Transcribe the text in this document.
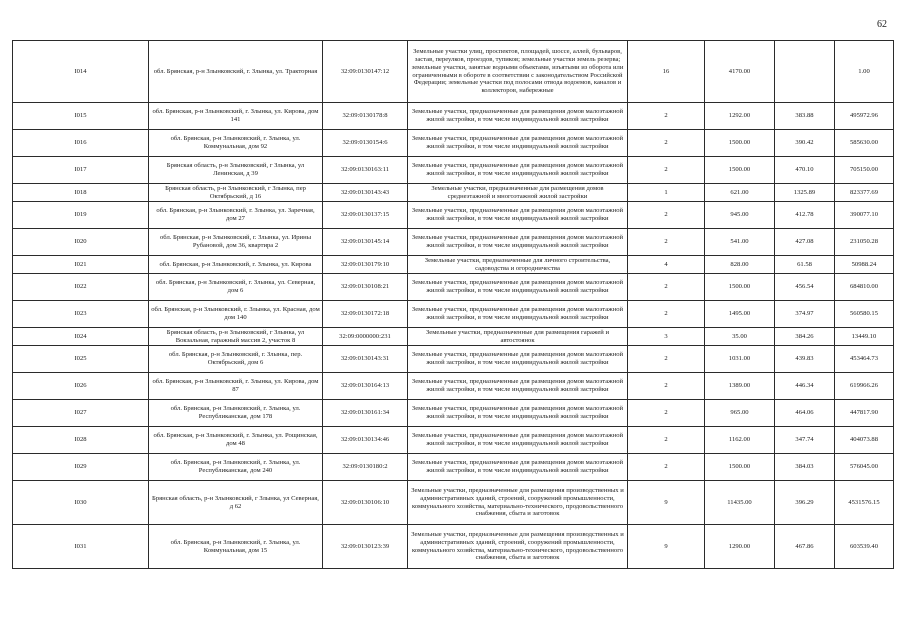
62
I014	обл. Брянская, р-н Злынковский, г. Злынка, ул. Тракторная	32:09:0130147:12	Земельные участки улиц, проспектов, площадей, шоссе, аллей, бульваров, застав, переулков, проездов, тупиков; земельные участки земель резерва; земельные участки, занятые водными объектами, изъятыми из оборота или ограниченными в обороте в соответствии с законодательством Российской Федерации; земельные участки под полосами отвода водоемов, каналов и коллекторов, набережные	16	4170.00		1.00
I015	обл. Брянская, р-н Злынковский, г. Злынка, ул. Кирова, дом 141	32:09:0130178:8	Земельные участки, предназначенные для размещения домов малоэтажной жилой застройки, в том числе индивидуальной жилой застройки	2	1292.00	383.88	495972.96
I016	обл. Брянская, р-н Злынковский, г. Злынка, ул. Коммунальная, дом 92	32:09:0130154:6	Земельные участки, предназначенные для размещения домов малоэтажной жилой застройки, в том числе индивидуальной жилой застройки	2	1500.00	390.42	585630.00
I017	Брянская область, р-н Злынковский, г Злынка, ул Ленинская, д 39	32:09:0130163:11	Земельные участки, предназначенные для размещения домов малоэтажной жилой застройки, в том числе индивидуальной жилой застройки	2	1500.00	470.10	705150.00
I018	Брянская область, р-н Злынковский, г Злынка, пер Октябрьский, д 16	32:09:0130143:43	Земельные участки, предназначенные для размещения домов среднеэтажной и многоэтажной жилой застройки	1	621.00	1325.89	823377.69
I019	обл. Брянская, р-н Злынковский, г. Злынка, ул. Заречная, дом 27	32:09:0130137:15	Земельные участки, предназначенные для размещения домов малоэтажной жилой застройки, в том числе индивидуальной жилой застройки	2	945.00	412.78	390077.10
I020	обл. Брянская, р-н Злынковский, г. Злынка, ул. Ирины Рубановой, дом 36, квартира 2	32:09:0130145:14	Земельные участки, предназначенные для размещения домов малоэтажной жилой застройки, в том числе индивидуальной жилой застройки	2	541.00	427.08	231050.28
I021	обл. Брянская, р-н Злынковский, г. Злынка, ул. Кирова	32:09:0130179:10	Земельные участки, предназначенные для личного строительства, садоводства и огородничества	4	828.00	61.58	50988.24
I022	обл. Брянская, р-н Злынковский, г. Злынка, ул. Северная, дом 6	32:09:0130108:21	Земельные участки, предназначенные для размещения домов малоэтажной жилой застройки, в том числе индивидуальной жилой застройки	2	1500.00	456.54	684810.00
I023	обл. Брянская, р-н Злынковский, г. Злынка, ул. Красная, дом дом 140	32:09:0130172:18	Земельные участки, предназначенные для размещения домов малоэтажной жилой застройки, в том числе индивидуальной жилой застройки	2	1495.00	374.97	560580.15
I024	Брянская область, р-н Злынковский, г Злынка, ул Вокзальная, гаражный массив 2, участок 8	32:09:0000000:231	Земельные участки, предназначенные для размещения гаражей и автостоянок	3	35.00	384.26	13449.10
I025	обл. Брянская, р-н Злынковский, г. Злынка, пер. Октябрьский, дом 6	32:09:0130143:31	Земельные участки, предназначенные для размещения домов малоэтажной жилой застройки, в том числе индивидуальной жилой застройки	2	1031.00	439.83	453464.73
I026	обл. Брянская, р-н Злынковский, г. Злынка, ул. Кирова, дом 87	32:09:0130164:13	Земельные участки, предназначенные для размещения домов малоэтажной жилой застройки, в том числе индивидуальной жилой застройки	2	1389.00	446.34	619966.26
I027	обл. Брянская, р-н Злынковский, г. Злынка, ул. Республиканская, дом 178	32:09:0130161:34	Земельные участки, предназначенные для размещения домов малоэтажной жилой застройки, в том числе индивидуальной жилой застройки	2	965.00	464.06	447817.90
I028	обл. Брянская, р-н Злынковский, г. Злынка, ул. Рощинская, дом 48	32:09:0130134:46	Земельные участки, предназначенные для размещения домов малоэтажной жилой застройки, в том числе индивидуальной жилой застройки	2	1162.00	347.74	404073.88
I029	обл. Брянская, р-н Злынковский, г. Злынка, ул. Республиканская, дом 240	32:09:0130180:2	Земельные участки, предназначенные для размещения домов малоэтажной жилой застройки, в том числе индивидуальной жилой застройки	2	1500.00	384.03	576045.00
I030	Брянская область, р-н Злынковский, г Злынка, ул Северная, д 62	32:09:0130106:10	Земельные участки, предназначенные для размещения производственных и административных зданий, строений, сооружений промышленности, коммунального хозяйства, материально-технического, продовольственного снабжения, сбыта и заготовок	9	11435.00	396.29	4531576.15
I031	обл. Брянская, р-н Злынковский, г. Злынка, ул. Коммунальная, дом 15	32:09:0130123:39	Земельные участки, предназначенные для размещения производственных и административных зданий, строений, сооружений промышленности, коммунального хозяйства, материально-технического, продовольственного снабжения, сбыта и заготовок	9	1290.00	467.86	603539.40
